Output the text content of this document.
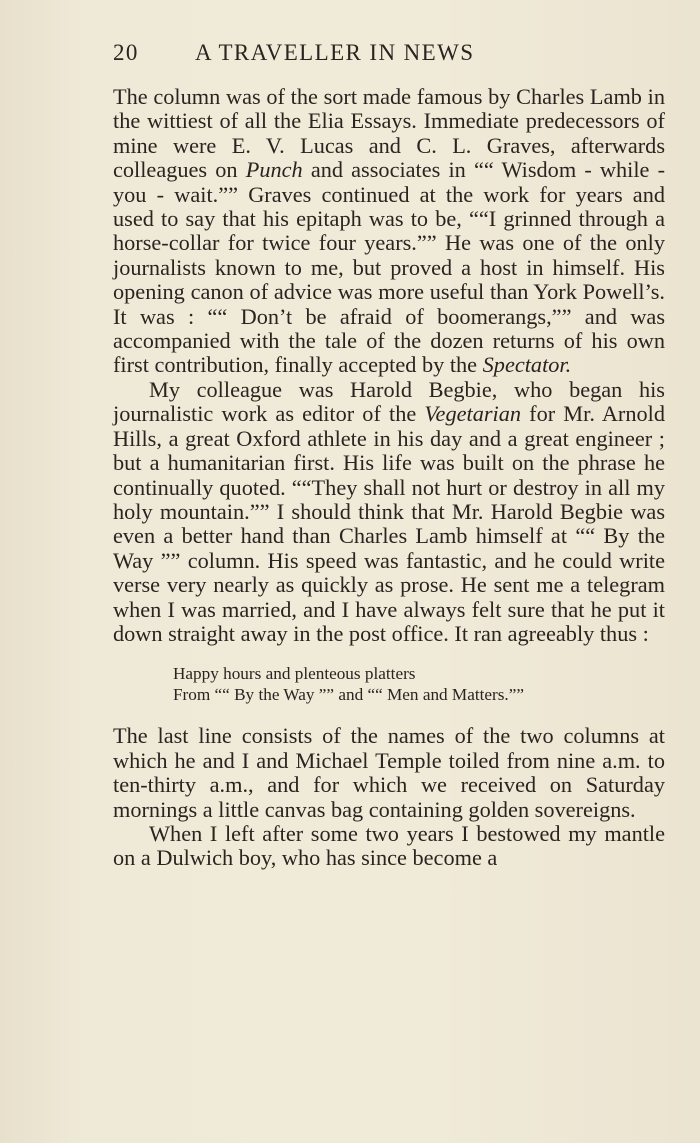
20 A TRAVELLER IN NEWS

The column was of the sort made famous by Charles Lamb in the wittiest of all the Elia Essays. Immediate predecessors of mine were E. V. Lucas and C. L. Graves, afterwards colleagues on Punch and associates in ““ Wisdom - while - you - wait.”” Graves continued at the work for years and used to say that his epitaph was to be, ““I grinned through a horse-collar for twice four years.”” He was one of the only journalists known to me, but proved a host in himself. His opening canon of advice was more useful than York Powell’s. It was : ““ Don’t be afraid of boomerangs,”” and was accompanied with the tale of the dozen returns of his own first contribution, finally accepted by the Spectator.

My colleague was Harold Begbie, who began his journalistic work as editor of the Vegetarian for Mr. Arnold Hills, a great Oxford athlete in his day and a great engineer ; but a humanitarian first. His life was built on the phrase he continually quoted. ““They shall not hurt or destroy in all my holy mountain.”” I should think that Mr. Harold Begbie was even a better hand than Charles Lamb himself at ““ By the Way ”” column. His speed was fantastic, and he could write verse very nearly as quickly as prose. He sent me a telegram when I was married, and I have always felt sure that he put it down straight away in the post office. It ran agreeably thus :

Happy hours and plenteous platters
From ““ By the Way ”” and ““ Men and Matters.””

The last line consists of the names of the two columns at which he and I and Michael Temple toiled from nine a.m. to ten-thirty a.m., and for which we received on Saturday mornings a little canvas bag containing golden sovereigns.

When I left after some two years I bestowed my mantle on a Dulwich boy, who has since become a
